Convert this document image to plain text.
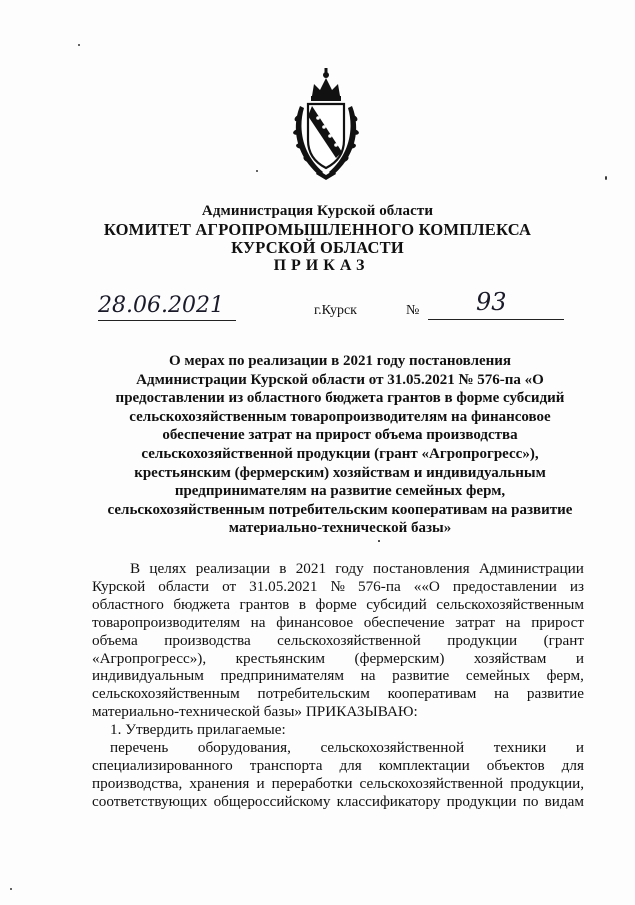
Администрация Курской области
КОМИТЕТ АГРОПРОМЫШЛЕННОГО КОМПЛЕКСА
КУРСКОЙ ОБЛАСТИ
ПРИКАЗ
28.06.2021	г.Курск	№ 93
О мерах по реализации в 2021 году постановления
Администрации Курской области от 31.05.2021 № 576-па «О
предоставлении из областного бюджета грантов в форме субсидий
сельскохозяйственным товаропроизводителям на финансовое
обеспечение затрат на прирост объема производства
сельскохозяйственной продукции (грант «Агропрогресс»),
крестьянским (фермерским) хозяйствам и индивидуальным
предпринимателям на развитие семейных ферм,
сельскохозяйственным потребительским кооперативам на развитие
материально-технической базы»
В целях реализации в 2021 году постановления Администрации
Курской области от 31.05.2021 № 576-па ««О предоставлении из
областного бюджета грантов в форме субсидий сельскохозяйственным
товаропроизводителям на финансовое обеспечение затрат на прирост
объема производства сельскохозяйственной продукции (грант
«Агропрогресс»), крестьянским (фермерским) хозяйствам и
индивидуальным предпринимателям на развитие семейных ферм,
сельскохозяйственным потребительским кооперативам на развитие
материально-технической базы» ПРИКАЗЫВАЮ:
1. Утвердить прилагаемые:
перечень оборудования, сельскохозяйственной техники и
специализированного транспорта для комплектации объектов для
производства, хранения и переработки сельскохозяйственной продукции,
соответствующих общероссийскому классификатору продукции по видам
